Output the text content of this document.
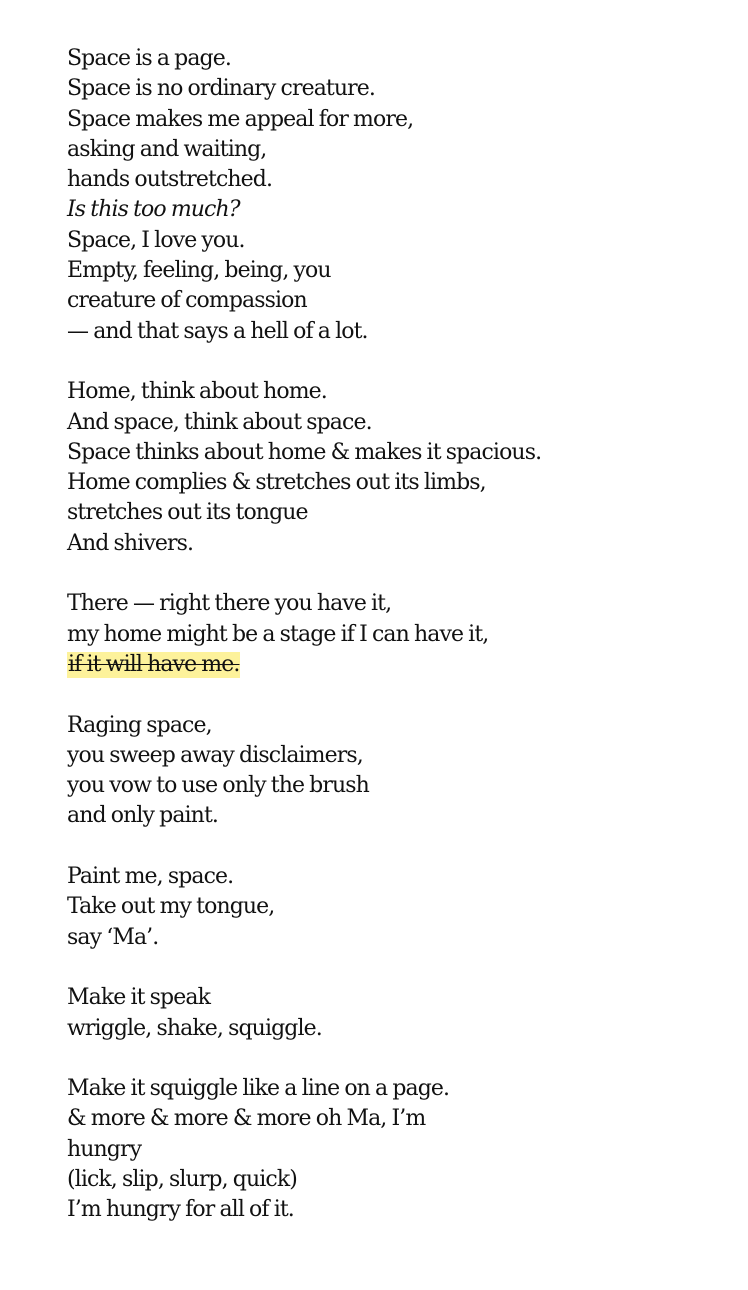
Space is a page.
Space is no ordinary creature.
Space makes me appeal for more,
asking and waiting,
hands outstretched.
Is this too much?
Space, I love you.
Empty, feeling, being, you
creature of compassion
— and that says a hell of a lot.
Home, think about home.
And space, think about space.
Space thinks about home & makes it spacious.
Home complies & stretches out its limbs,
stretches out its tongue
And shivers.
There — right there you have it,
my home might be a stage if I can have it,
if it will have me.
Raging space,
you sweep away disclaimers,
you vow to use only the brush
and only paint.
Paint me, space.
Take out my tongue,
say ‘Ma’.
Make it speak
wriggle, shake, squiggle.
Make it squiggle like a line on a page.
& more & more & more oh Ma, I’m
hungry
(lick, slip, slurp, quick)
I’m hungry for all of it.
